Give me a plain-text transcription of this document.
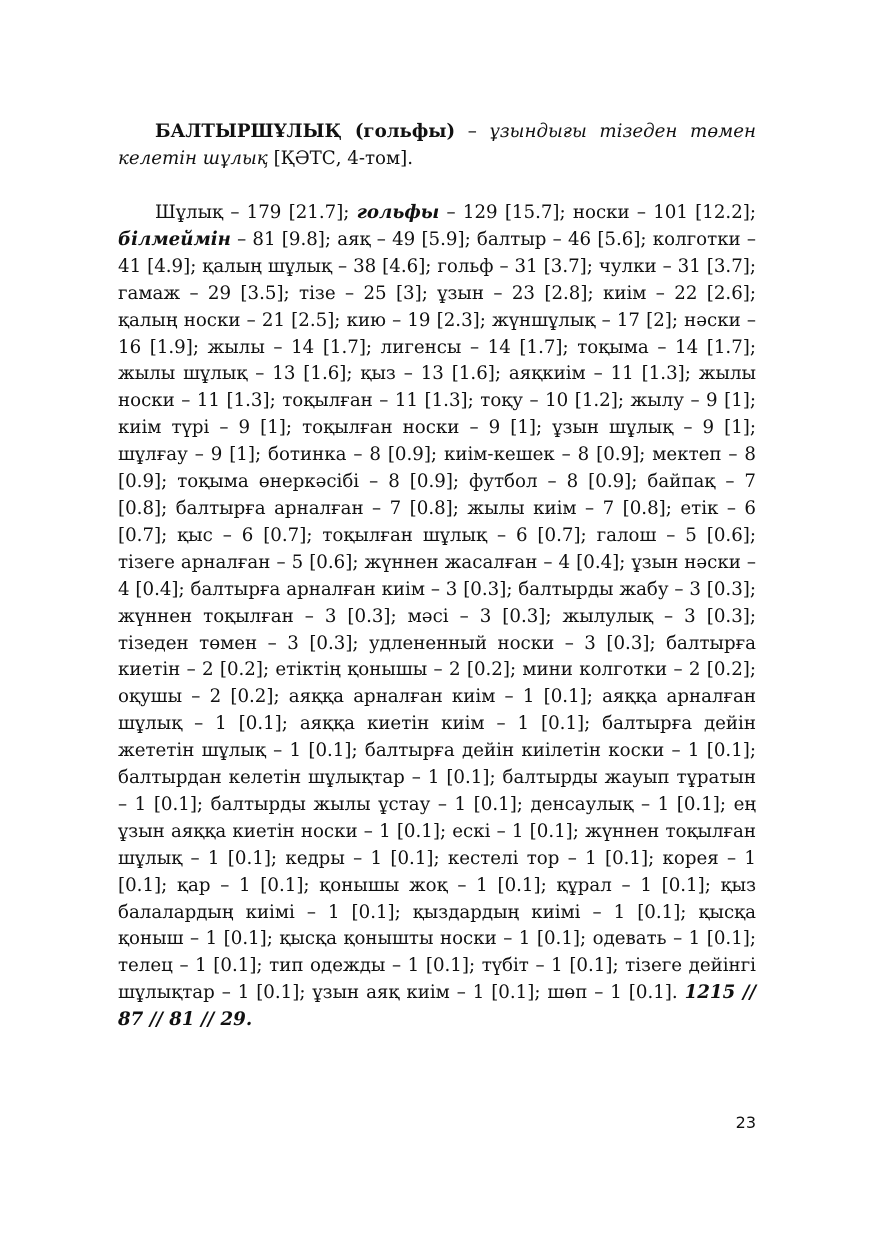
БАЛТЫРШҰЛЫҚ (гольфы) – ұзындығы тізеден төмен келетін шұлық [ҚӘТС, 4-том].

Шұлық – 179 [21.7]; гольфы – 129 [15.7]; носки – 101 [12.2]; білмеймін – 81 [9.8]; аяқ – 49 [5.9]; балтыр – 46 [5.6]; колготки – 41 [4.9]; қалың шұлық – 38 [4.6]; гольф – 31 [3.7]; чулки – 31 [3.7]; гамаж – 29 [3.5]; тізе – 25 [3]; ұзын – 23 [2.8]; киім – 22 [2.6]; қалың носки – 21 [2.5]; кию – 19 [2.3]; жүншұлық – 17 [2]; нәски – 16 [1.9]; жылы – 14 [1.7]; лигенсы – 14 [1.7]; тоқыма – 14 [1.7]; жылы шұлық – 13 [1.6]; қыз – 13 [1.6]; аяқкиім – 11 [1.3]; жылы носки – 11 [1.3]; тоқылған – 11 [1.3]; тоқу – 10 [1.2]; жылу – 9 [1]; киім түрі – 9 [1]; тоқылған носки – 9 [1]; ұзын шұлық – 9 [1]; шұлғау – 9 [1]; ботинка – 8 [0.9]; киім-кешек – 8 [0.9]; мектеп – 8 [0.9]; тоқыма өнеркәсібі – 8 [0.9]; футбол – 8 [0.9]; байпақ – 7 [0.8]; балтырға арналған – 7 [0.8]; жылы киім – 7 [0.8]; етік – 6 [0.7]; қыс – 6 [0.7]; тоқылған шұлық – 6 [0.7]; галош – 5 [0.6]; тізеге арналған – 5 [0.6]; жүннен жасалған – 4 [0.4]; ұзын нәски – 4 [0.4]; балтырға арналған киім – 3 [0.3]; балтырды жабу – 3 [0.3]; жүннен тоқылған – 3 [0.3]; мәсі – 3 [0.3]; жылулық – 3 [0.3]; тізеден төмен – 3 [0.3]; удлененный носки – 3 [0.3]; балтырға киетін – 2 [0.2]; етіктің қонышы – 2 [0.2]; мини колготки – 2 [0.2]; оқушы – 2 [0.2]; аяққа арналған киім – 1 [0.1]; аяққа арналған шұлық – 1 [0.1]; аяққа киетін киім – 1 [0.1]; балтырға дейін жететін шұлық – 1 [0.1]; балтырға дейін киілетін коски – 1 [0.1]; балтырдан келетін шұлықтар – 1 [0.1]; балтырды жауып тұратын – 1 [0.1]; балтырды жылы ұстау – 1 [0.1]; денсаулық – 1 [0.1]; ең ұзын аяққа киетін носки – 1 [0.1]; ескі – 1 [0.1]; жүннен тоқылған шұлық – 1 [0.1]; кедры – 1 [0.1]; кестелі тор – 1 [0.1]; корея – 1 [0.1]; қар – 1 [0.1]; қонышы жоқ – 1 [0.1]; құрал – 1 [0.1]; қыз балалардың киімі – 1 [0.1]; қыздардың киімі – 1 [0.1]; қысқа қоныш – 1 [0.1]; қысқа қонышты носки – 1 [0.1]; одевать – 1 [0.1]; телец – 1 [0.1]; тип одежды – 1 [0.1]; түбіт – 1 [0.1]; тізеге дейінгі шұлықтар – 1 [0.1]; ұзын аяқ киім – 1 [0.1]; шөп – 1 [0.1]. 1215 // 87 // 81 // 29.

23
